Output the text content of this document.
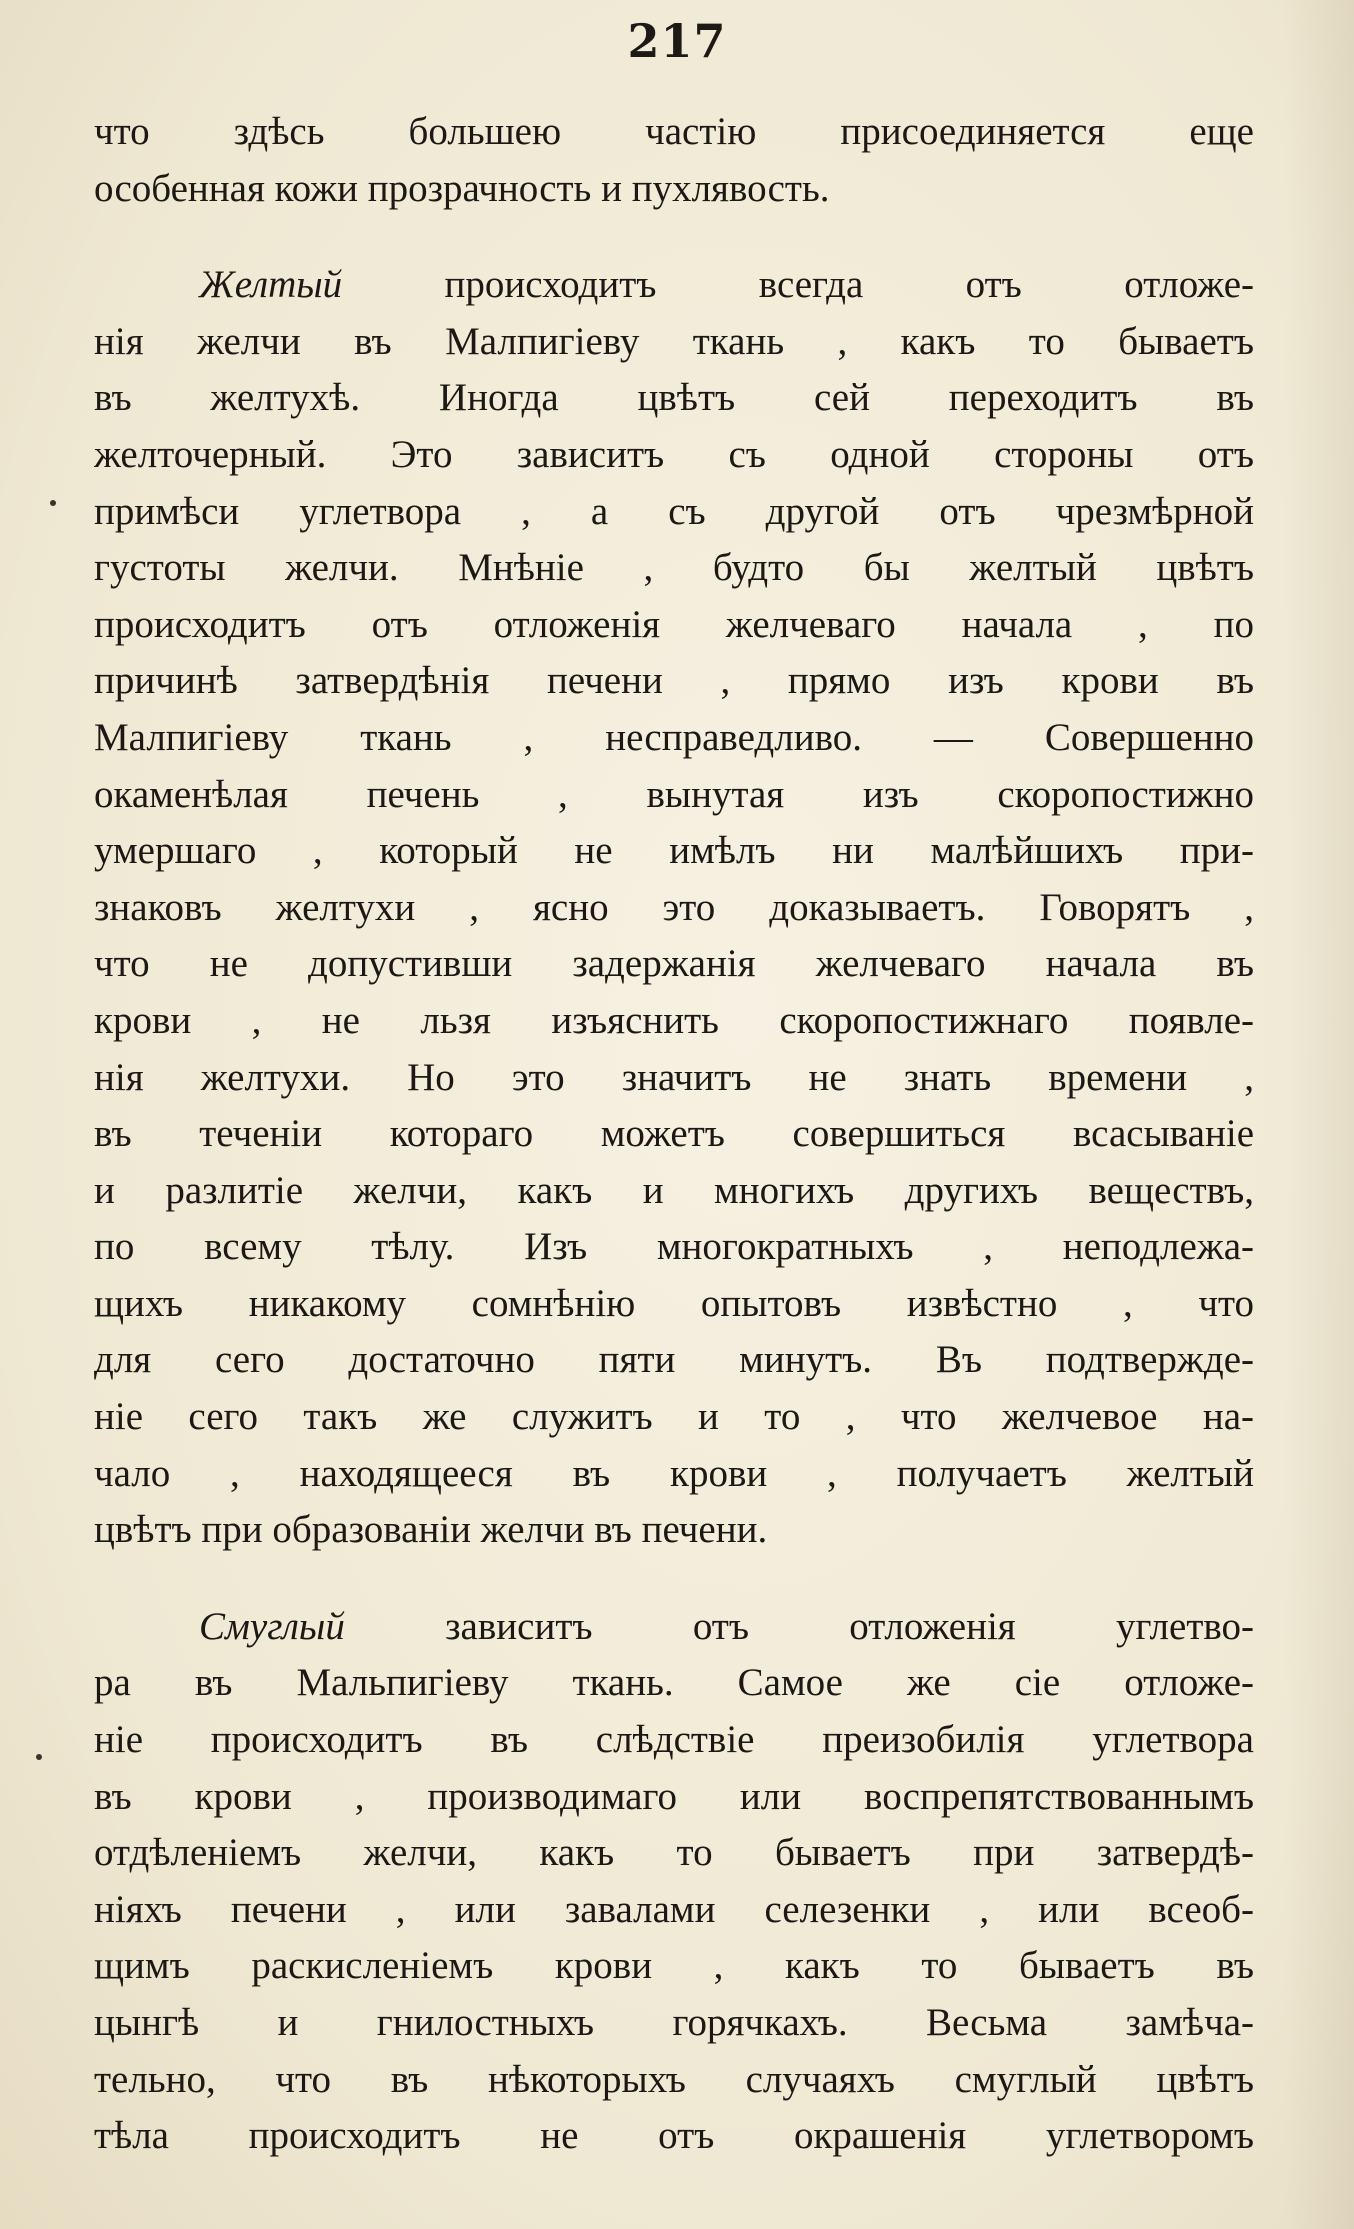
217
что здѣсь большею частію присоединяется еще
особенная кожи прозрачность и пухлявость.
Желтый	происходитъ всегда отъ отложе-
нія желчи въ Малпигіеву ткань , какъ то бываетъ
въ желтухѣ. Иногда цвѣтъ сей переходитъ въ
желточерный. Это зависитъ съ одной стороны отъ
примѣси углетвора , а съ другой отъ чрезмѣрной
густоты желчи. Мнѣніе , будто бы желтый цвѣтъ
происходитъ отъ отложенія желчеваго начала , по
причинѣ затвердѣнія печени , прямо изъ крови въ
Малпигіеву ткань , несправедливо. — Совершенно
окаменѣлая печень , вынутая изъ скоропостижно
умершаго , который не имѣлъ ни малѣйшихъ при-
знаковъ желтухи , ясно это доказываетъ. Говорятъ ,
что не допустивши задержанія желчеваго начала въ
крови , не льзя изъяснить скоропостижнаго появле-
нія желтухи. Но это значитъ не знать времени ,
въ теченіи котораго можетъ совершиться всасываніе
и разлитіе желчи, какъ и многихъ другихъ веществъ,
по всему тѣлу. Изъ многократныхъ , неподлежа-
щихъ никакому сомнѣнію опытовъ извѣстно , что
для сего достаточно пяти минутъ. Въ подтвержде-
ніе сего такъ же служитъ и то , что желчевое на-
чало , находящееся въ крови , получаетъ желтый
цвѣтъ при образованіи желчи въ печени.
Смуглый	зависитъ отъ отложенія углетво-
ра въ Мальпигіеву ткань. Самое же сіе отложе-
ніе происходитъ въ слѣдствіе преизобилія углетвора
въ крови , производимаго или воспрепятствованнымъ
отдѣленіемъ желчи, какъ то бываетъ при затвердѣ-
ніяхъ печени , или завалами селезенки , или всеоб-
щимъ раскисленіемъ крови , какъ то бываетъ въ
цынгѣ и гнилостныхъ горячкахъ. Весьма замѣча-
тельно, что въ нѣкоторыхъ случаяхъ смуглый цвѣтъ
тѣла происходитъ не отъ окрашенія углетворомъ
